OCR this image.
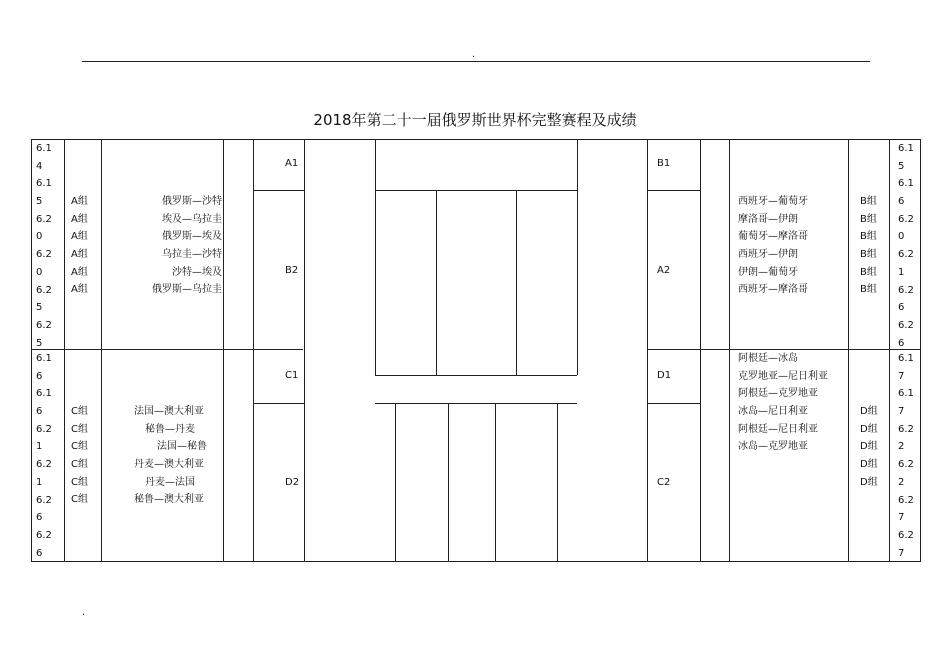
.
.
2018年第二十一届俄罗斯世界杯完整赛程及成绩
6.1
4
6.1
5
6.2
0
6.2
0
6.2
5
6.2
5
A组
A组
A组
A组
A组
A组
俄罗斯—沙特
埃及—乌拉圭
俄罗斯—埃及
乌拉圭—沙特
沙特—埃及
俄罗斯—乌拉圭
6.1
6
6.1
6
6.2
1
6.2
1
6.2
6
6.2
6
C组
C组
C组
C组
C组
C组
法国—澳大利亚
秘鲁—丹麦
法国—秘鲁
丹麦—澳大利亚
丹麦—法国
秘鲁—澳大利亚
A1
B2
C1
D2
B1
A2
D1
C2
西班牙—葡萄牙
摩洛哥—伊朗
葡萄牙—摩洛哥
西班牙—伊朗
伊朗—葡萄牙
西班牙—摩洛哥
B组
B组
B组
B组
B组
B组
6.1
5
6.1
6
6.2
0
6.2
1
6.2
6
6.2
6
阿根廷—冰岛
克罗地亚—尼日利亚
阿根廷—克罗地亚
冰岛—尼日利亚
阿根廷—尼日利亚
冰岛—克罗地亚
D组
D组
D组
D组
D组
6.1
7
6.1
7
6.2
2
6.2
2
6.2
7
6.2
7
